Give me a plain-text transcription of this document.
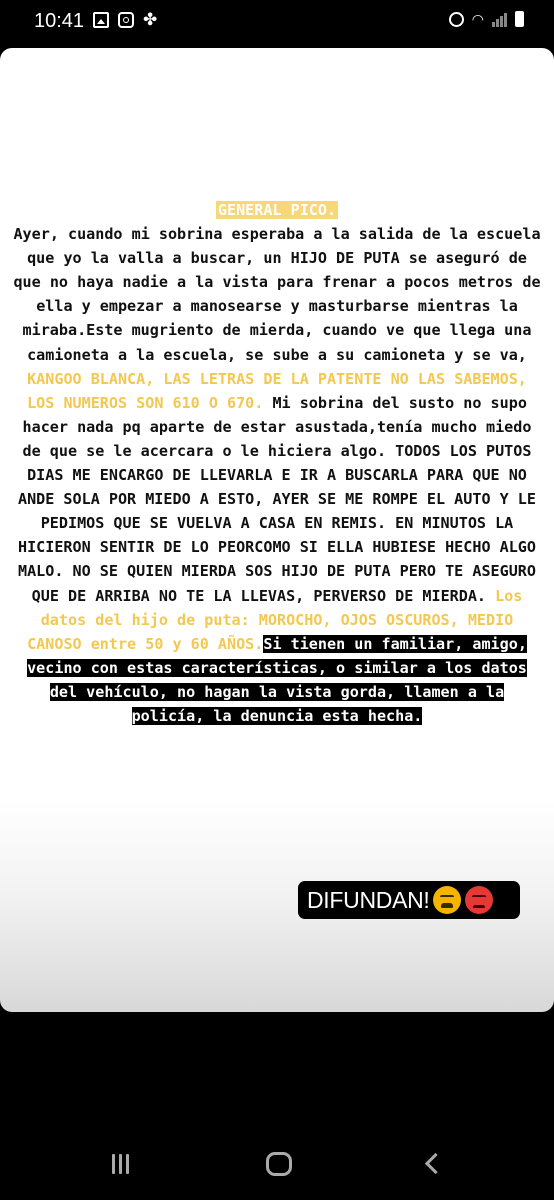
10:41	✤	◠
GENERAL PICO.
Ayer, cuando mi sobrina esperaba a la salida de la escuela que yo la valla a buscar, un HIJO DE PUTA se aseguró de que no haya nadie a la vista para frenar a pocos metros de ella y empezar a manosearse y masturbarse mientras la miraba.Este mugriento de mierda, cuando ve que llega una camioneta a la escuela, se sube a su camioneta y se va, KANGOO BLANCA, LAS LETRAS DE LA PATENTE NO LAS SABEMOS, LOS NUMEROS SON 610 O 670. Mi sobrina del susto no supo hacer nada pq aparte de estar asustada,tenía mucho miedo de que se le acercara o le hiciera algo. TODOS LOS PUTOS DIAS ME ENCARGO DE LLEVARLA E IR A BUSCARLA PARA QUE NO ANDE SOLA POR MIEDO A ESTO, AYER SE ME ROMPE EL AUTO Y LE PEDIMOS QUE SE VUELVA A CASA EN REMIS. EN MINUTOS LA HICIERON SENTIR DE LO PEORCOMO SI ELLA HUBIESE HECHO ALGO MALO. NO SE QUIEN MIERDA SOS HIJO DE PUTA PERO TE ASEGURO QUE DE ARRIBA NO TE LA LLEVAS, PERVERSO DE MIERDA. Los datos del hijo de puta: MOROCHO, OJOS OSCUROS, MEDIO CANOSO entre 50 y 60 AÑOS.Si tienen un familiar, amigo, vecino con estas características, o similar a los datos del vehículo, no hagan la vista gorda, llamen a la policía, la denuncia esta hecha.
DIFUNDAN!
